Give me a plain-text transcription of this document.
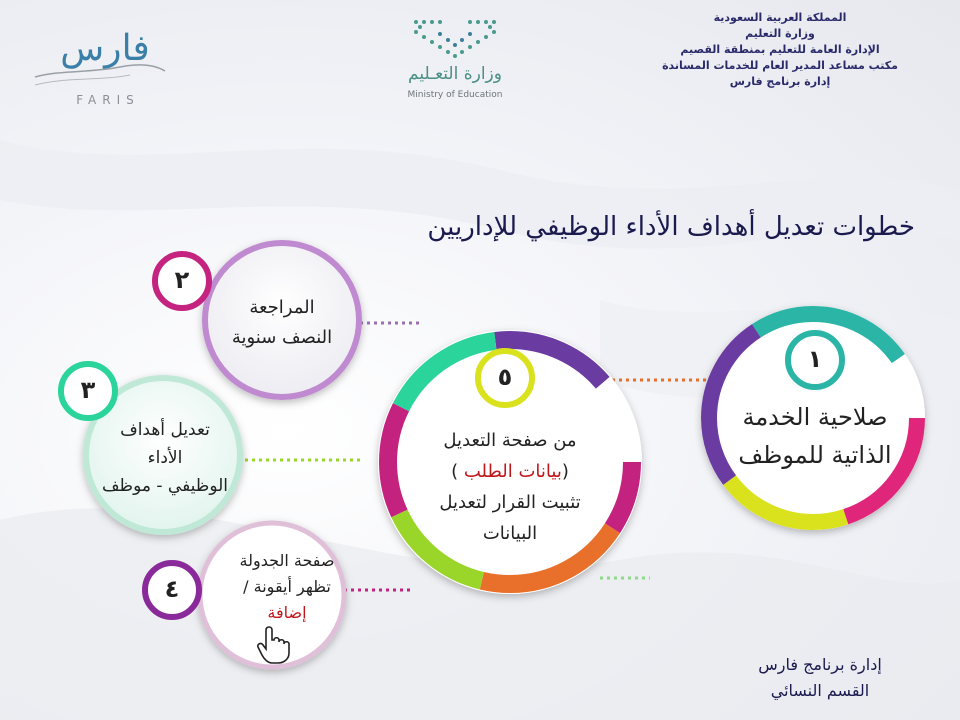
المملكة العربية السعودية
وزارة التعليم
الإدارة العامة للتعليم بمنطقة القصيم
مكتب مساعد المدير العام للخدمات المساندة
إدارة برنامج فارس
وزارة التعـليم
Ministry of Education
فارس
FARIS
خطوات تعديل أهداف الأداء الوظيفي للإداريين
٢
٣
٤
٥
١
صلاحية الخدمة
الذاتية للموظف
المراجعة
النصف سنوية
تعديل أهداف
الأداء
الوظيفي - موظف
صفحة الجدولة
تظهر أيقونة /
إضافة
من صفحة التعديل
(بيانات الطلب )
تثبيت القرار لتعديل
البيانات
إدارة برنامج فارس
القسم النسائي
